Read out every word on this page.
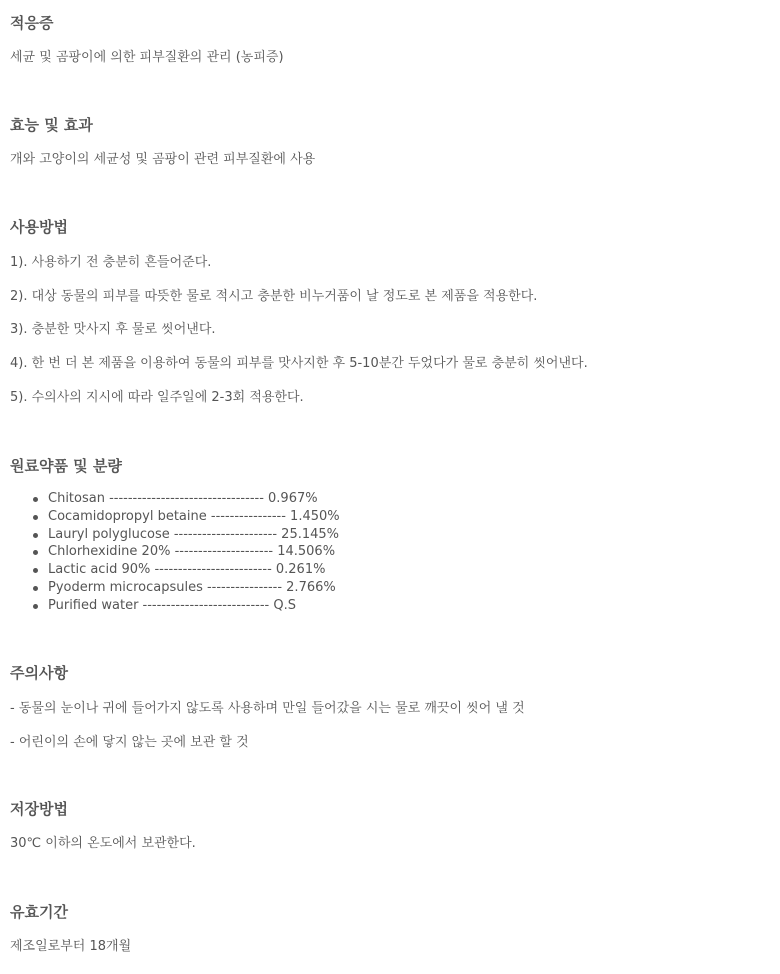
적응증

세균 및 곰팡이에 의한 피부질환의 관리 (농피증)

효능 및 효과

개와 고양이의 세균성 및 곰팡이 관련 피부질환에 사용

사용방법

1). 사용하기 전 충분히 흔들어준다.

2). 대상 동물의 피부를 따뜻한 물로 적시고 충분한 비누거품이 날 정도로 본 제품을 적용한다.

3). 충분한 맛사지 후 물로 씻어낸다.

4). 한 번 더 본 제품을 이용하여 동물의 피부를 맛사지한 후 5-10분간 두었다가 물로 충분히 씻어낸다.

5). 수의사의 지시에 따라 일주일에 2-3회 적용한다.

원료약품 및 분량
Chitosan --------------------------------- 0.967%
Cocamidopropyl betaine ---------------- 1.450%
Lauryl polyglucose ---------------------- 25.145%
Chlorhexidine 20% --------------------- 14.506%
Lactic acid 90% ------------------------- 0.261%
Pyoderm microcapsules ---------------- 2.766%
Purified water --------------------------- Q.S
주의사항

- 동물의 눈이나 귀에 들어가지 않도록 사용하며 만일 들어갔을 시는 물로 깨끗이 씻어 낼 것

- 어린이의 손에 닿지 않는 곳에 보관 할 것

저장방법

30℃ 이하의 온도에서 보관한다.

유효기간

제조일로부터 18개월
